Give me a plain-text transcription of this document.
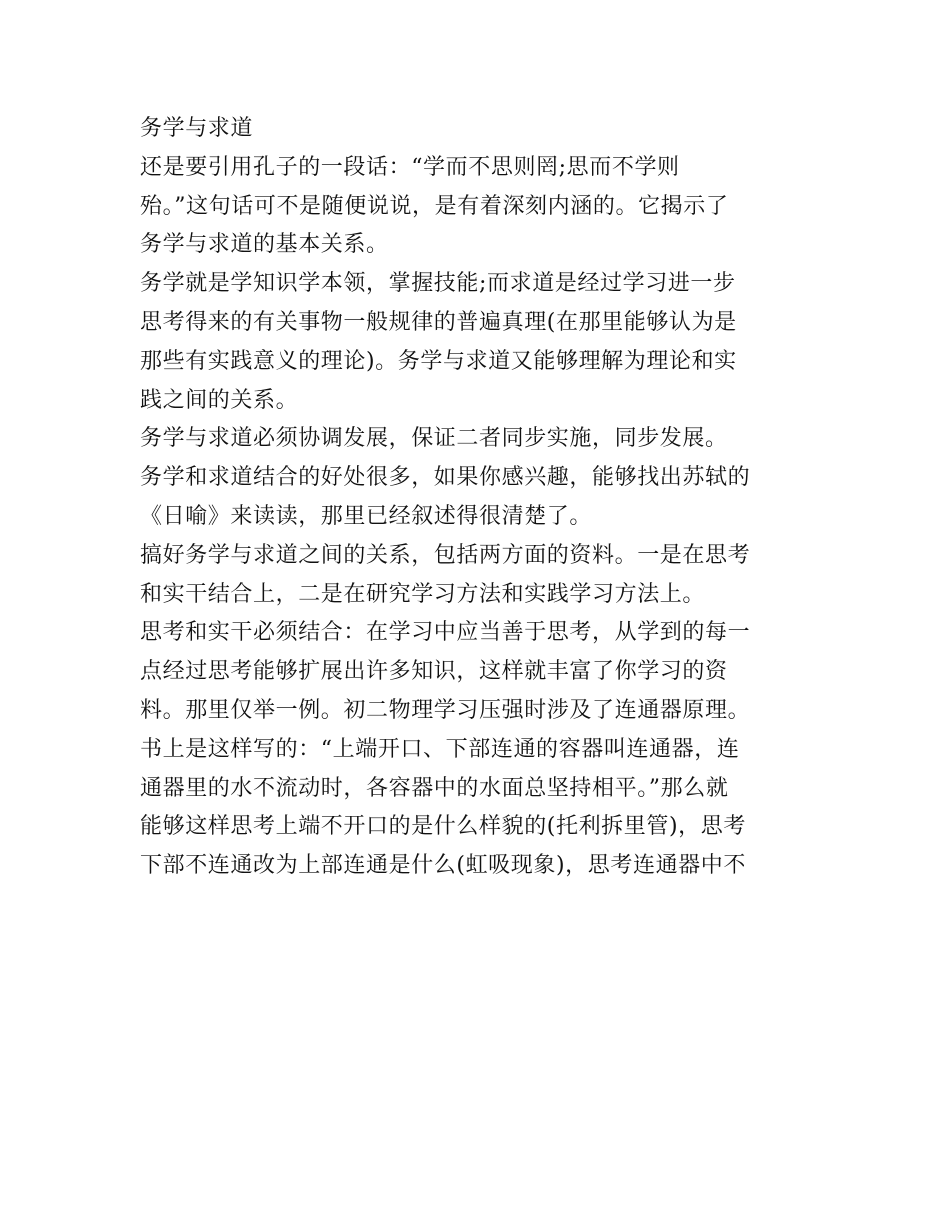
务学与求道
还是要引用孔子的一段话：“学而不思则罔;思而不学则
殆。”这句话可不是随便说说，是有着深刻内涵的。它揭示了
务学与求道的基本关系。
务学就是学知识学本领，掌握技能;而求道是经过学习进一步
思考得来的有关事物一般规律的普遍真理(在那里能够认为是
那些有实践意义的理论)。务学与求道又能够理解为理论和实
践之间的关系。
务学与求道必须协调发展，保证二者同步实施，同步发展。
务学和求道结合的好处很多，如果你感兴趣，能够找出苏轼的
《日喻》来读读，那里已经叙述得很清楚了。
搞好务学与求道之间的关系，包括两方面的资料。一是在思考
和实干结合上，二是在研究学习方法和实践学习方法上。
思考和实干必须结合：在学习中应当善于思考，从学到的每一
点经过思考能够扩展出许多知识，这样就丰富了你学习的资
料。那里仅举一例。初二物理学习压强时涉及了连通器原理。
书上是这样写的：“上端开口、下部连通的容器叫连通器，连
通器里的水不流动时，各容器中的水面总坚持相平。”那么就
能够这样思考上端不开口的是什么样貌的(托利拆里管)，思考
下部不连通改为上部连通是什么(虹吸现象)，思考连通器中不
